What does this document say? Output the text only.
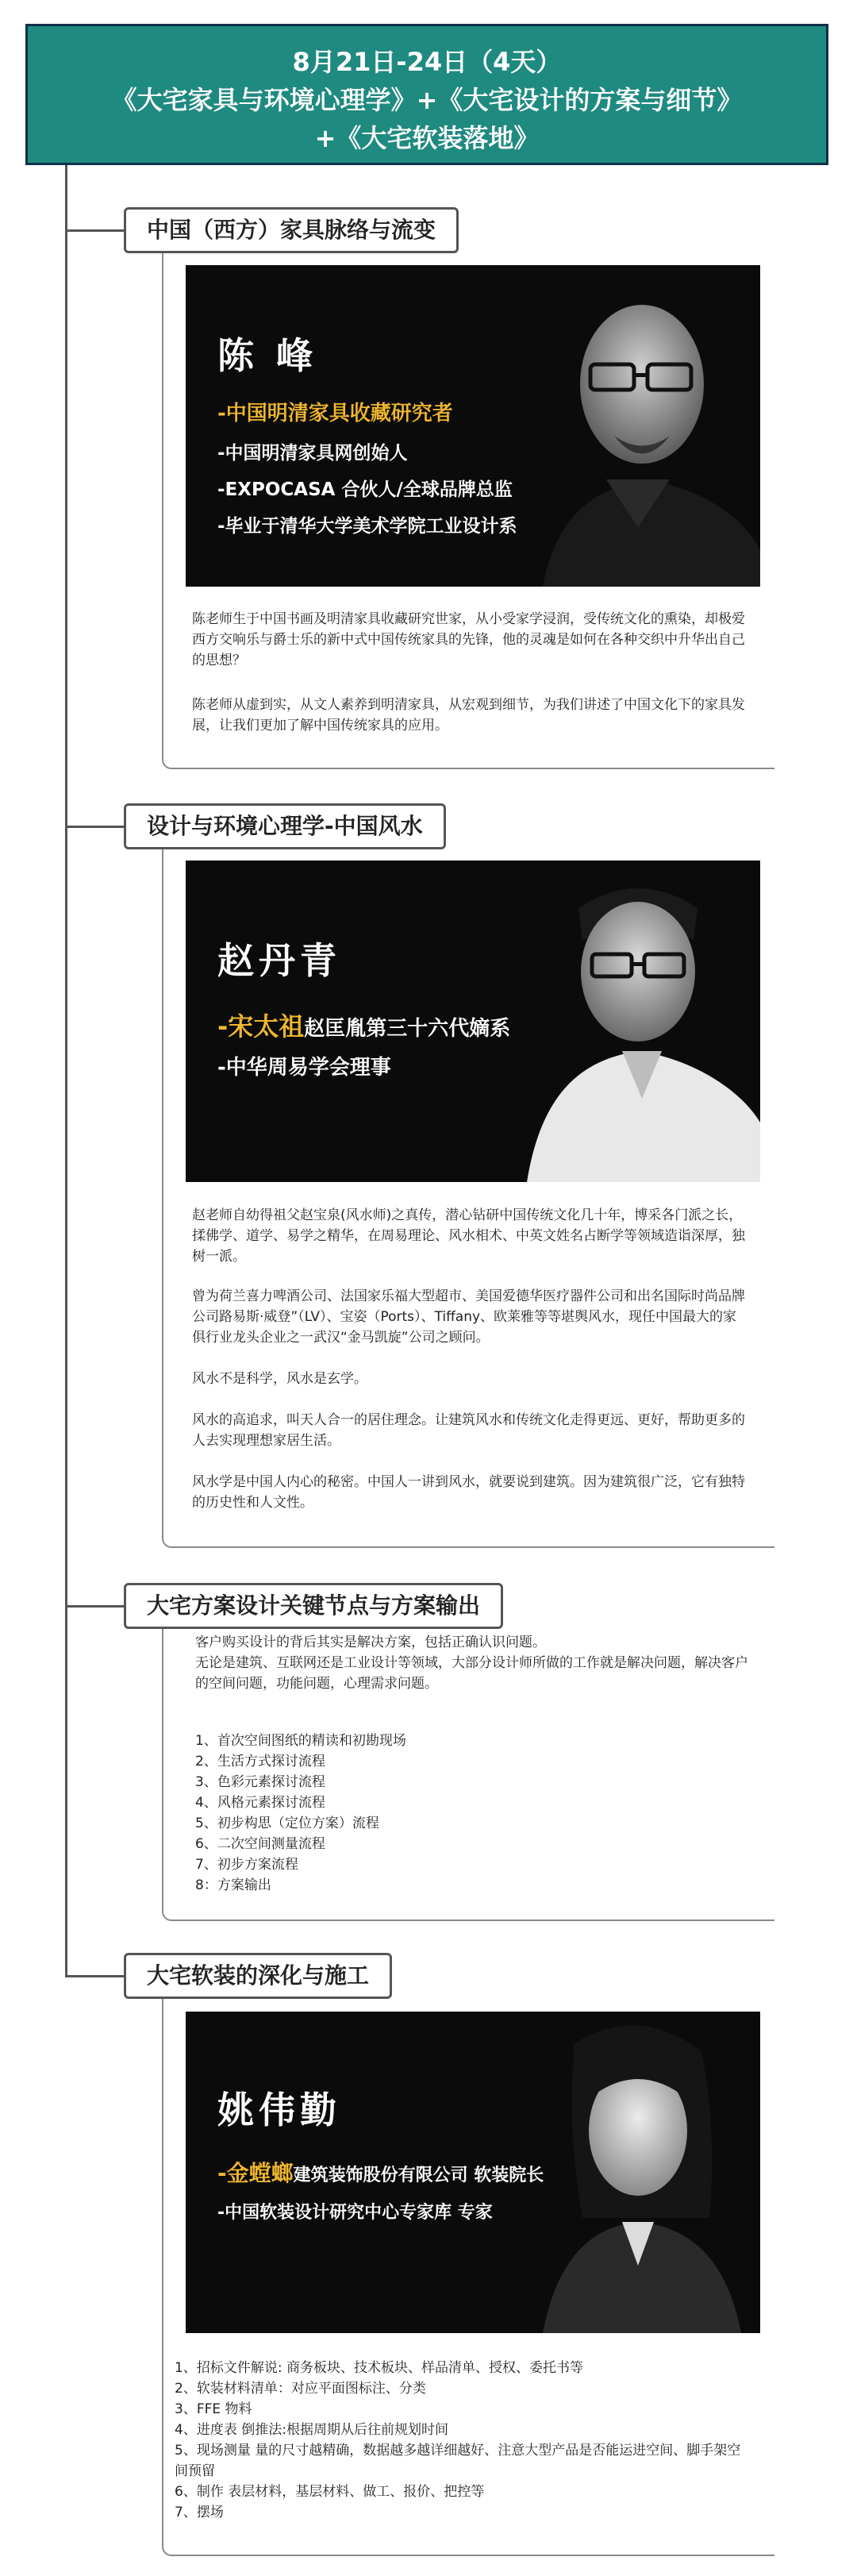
8月21日-24日（4天）
《大宅家具与环境心理学》+《大宅设计的方案与细节》
+《大宅软装落地》
中国（西方）家具脉络与流变
陈 峰
-中国明清家具收藏研究者
-中国明清家具网创始人
-EXPOCASA 合伙人/全球品牌总监
-毕业于清华大学美术学院工业设计系
陈老师生于中国书画及明清家具收藏研究世家，从小受家学浸润，受传统文化的熏染，却极爱西方交响乐与爵士乐的新中式中国传统家具的先锋，他的灵魂是如何在各种交织中升华出自己的思想？
陈老师从虚到实，从文人素养到明清家具，从宏观到细节，为我们讲述了中国文化下的家具发展，让我们更加了解中国传统家具的应用。
设计与环境心理学-中国风水
赵丹青
-宋太祖赵匡胤第三十六代嫡系
-中华周易学会理事
赵老师自幼得祖父赵宝泉(风水师)之真传，潜心钻研中国传统文化几十年，博采各门派之长，揉佛学、道学、易学之精华，在周易理论、风水相术、中英文姓名占断学等领域造诣深厚，独树一派。
曾为荷兰喜力啤酒公司、法国家乐福大型超市、美国爱德华医疗器件公司和出名国际时尚品牌公司路易斯·威登”（LV）、宝姿（Ports）、Tiffany、欧莱雅等等堪舆风水，现任中国最大的家俱行业龙头企业之一武汉“金马凯旋”公司之顾问。
风水不是科学，风水是玄学。
风水的高追求，叫天人合一的居住理念。让建筑风水和传统文化走得更远、更好，帮助更多的人去实现理想家居生活。
风水学是中国人内心的秘密。中国人一讲到风水，就要说到建筑。因为建筑很广泛，它有独特的历史性和人文性。
大宅方案设计关键节点与方案输出
客户购买设计的背后其实是解决方案，包括正确认识问题。
无论是建筑、互联网还是工业设计等领域，大部分设计师所做的工作就是解决问题，解决客户的空间问题，功能问题，心理需求问题。
1、首次空间图纸的精读和初勘现场
2、生活方式探讨流程
3、色彩元素探讨流程
4、风格元素探讨流程
5、初步构思（定位方案）流程
6、二次空间测量流程
7、初步方案流程
8：方案输出
大宅软装的深化与施工
姚伟勤
-金螳螂建筑装饰股份有限公司 软装院长
-中国软装设计研究中心专家库 专家
1、招标文件解说: 商务板块、技术板块、样品清单、授权、委托书等
2、软装材料清单：对应平面图标注、分类
3、FFE 物料
4、进度表 倒推法:根据周期从后往前规划时间
5、现场测量 量的尺寸越精确，数据越多越详细越好、注意大型产品是否能运进空间、脚手架空间预留
6、制作 表层材料，基层材料、做工、报价、把控等
7、摆场
